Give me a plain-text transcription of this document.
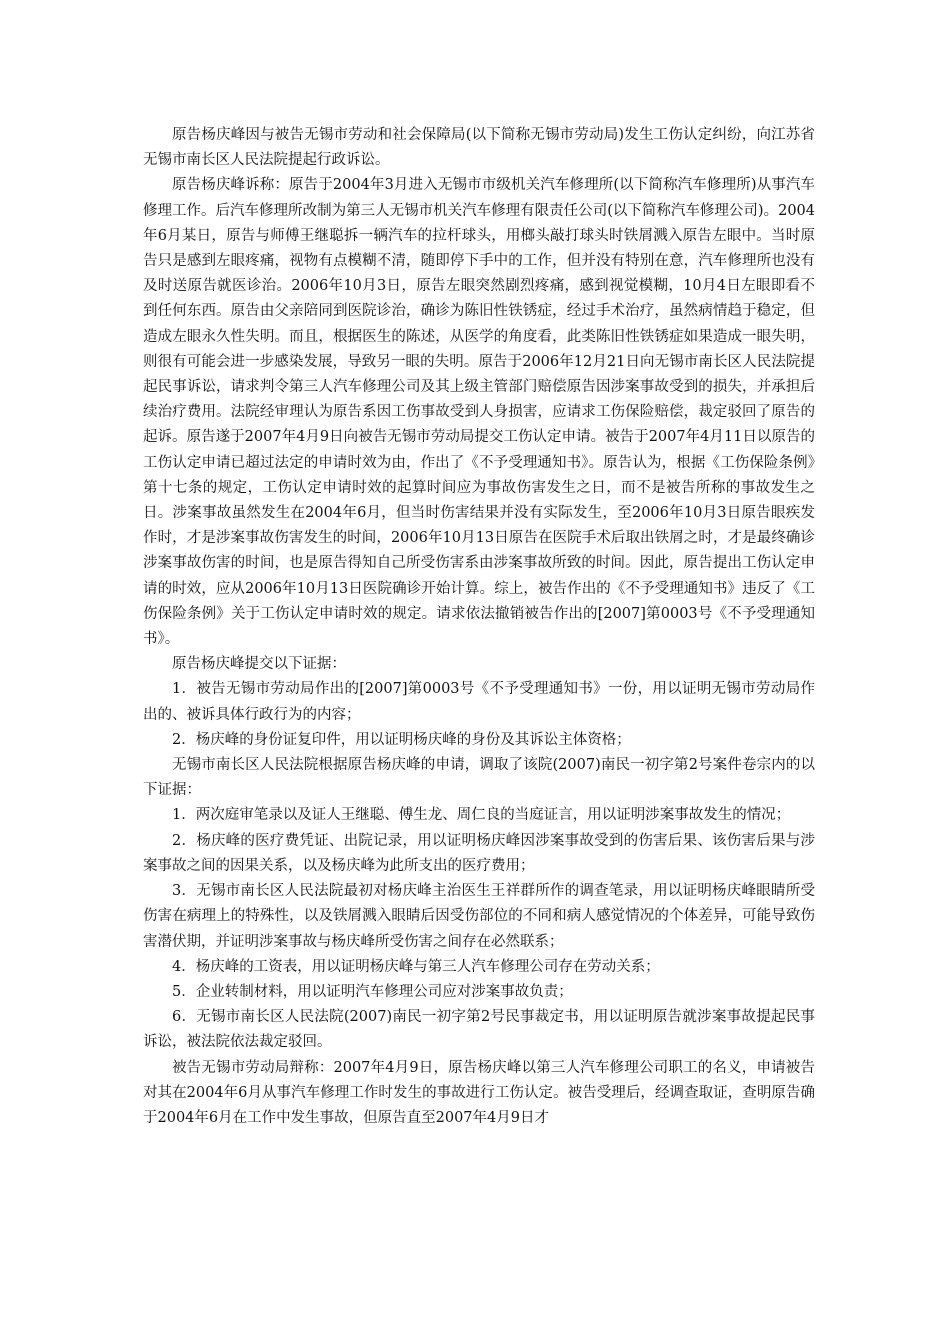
原告杨庆峰因与被告无锡市劳动和社会保障局(以下简称无锡市劳动局)发生工伤认定纠纷，向江苏省无锡市南长区人民法院提起行政诉讼。

原告杨庆峰诉称：原告于2004年3月进入无锡市市级机关汽车修理所(以下简称汽车修理所)从事汽车修理工作。后汽车修理所改制为第三人无锡市机关汽车修理有限责任公司(以下简称汽车修理公司)。2004年6月某日，原告与师傅王继聪拆一辆汽车的拉杆球头，用榔头敲打球头时铁屑溅入原告左眼中。当时原告只是感到左眼疼痛，视物有点模糊不清，随即停下手中的工作，但并没有特别在意，汽车修理所也没有及时送原告就医诊治。2006年10月3日，原告左眼突然剧烈疼痛，感到视觉模糊，10月4日左眼即看不到任何东西。原告由父亲陪同到医院诊治，确诊为陈旧性铁锈症，经过手术治疗，虽然病情趋于稳定，但造成左眼永久性失明。而且，根据医生的陈述，从医学的角度看，此类陈旧性铁锈症如果造成一眼失明，则很有可能会进一步感染发展，导致另一眼的失明。原告于2006年12月21日向无锡市南长区人民法院提起民事诉讼，请求判令第三人汽车修理公司及其上级主管部门赔偿原告因涉案事故受到的损失，并承担后续治疗费用。法院经审理认为原告系因工伤事故受到人身损害，应请求工伤保险赔偿，裁定驳回了原告的起诉。原告遂于2007年4月9日向被告无锡市劳动局提交工伤认定申请。被告于2007年4月11日以原告的工伤认定申请已超过法定的申请时效为由，作出了《不予受理通知书》。原告认为，根据《工伤保险条例》第十七条的规定，工伤认定申请时效的起算时间应为事故伤害发生之日，而不是被告所称的事故发生之日。涉案事故虽然发生在2004年6月，但当时伤害结果并没有实际发生，至2006年10月3日原告眼疾发作时，才是涉案事故伤害发生的时间，2006年10月13日原告在医院手术后取出铁屑之时，才是最终确诊涉案事故伤害的时间，也是原告得知自己所受伤害系由涉案事故所致的时间。因此，原告提出工伤认定申请的时效，应从2006年10月13日医院确诊开始计算。综上，被告作出的《不予受理通知书》违反了《工伤保险条例》关于工伤认定申请时效的规定。请求依法撤销被告作出的[2007]第0003号《不予受理通知书》。

原告杨庆峰提交以下证据：

1．被告无锡市劳动局作出的[2007]第0003号《不予受理通知书》一份，用以证明无锡市劳动局作出的、被诉具体行政行为的内容；

2．杨庆峰的身份证复印件，用以证明杨庆峰的身份及其诉讼主体资格；

无锡市南长区人民法院根据原告杨庆峰的申请，调取了该院(2007)南民一初字第2号案件卷宗内的以下证据：

1．两次庭审笔录以及证人王继聪、傅生龙、周仁良的当庭证言，用以证明涉案事故发生的情况；

2．杨庆峰的医疗费凭证、出院记录，用以证明杨庆峰因涉案事故受到的伤害后果、该伤害后果与涉案事故之间的因果关系，以及杨庆峰为此所支出的医疗费用；

3．无锡市南长区人民法院最初对杨庆峰主治医生王祥群所作的调查笔录，用以证明杨庆峰眼睛所受伤害在病理上的特殊性，以及铁屑溅入眼睛后因受伤部位的不同和病人感觉情况的个体差异，可能导致伤害潜伏期，并证明涉案事故与杨庆峰所受伤害之间存在必然联系；

4．杨庆峰的工资表，用以证明杨庆峰与第三人汽车修理公司存在劳动关系；

5．企业转制材料，用以证明汽车修理公司应对涉案事故负责；

6．无锡市南长区人民法院(2007)南民一初字第2号民事裁定书，用以证明原告就涉案事故提起民事诉讼，被法院依法裁定驳回。

被告无锡市劳动局辩称：2007年4月9日，原告杨庆峰以第三人汽车修理公司职工的名义，申请被告对其在2004年6月从事汽车修理工作时发生的事故进行工伤认定。被告受理后，经调查取证，查明原告确于2004年6月在工作中发生事故，但原告直至2007年4月9日才
